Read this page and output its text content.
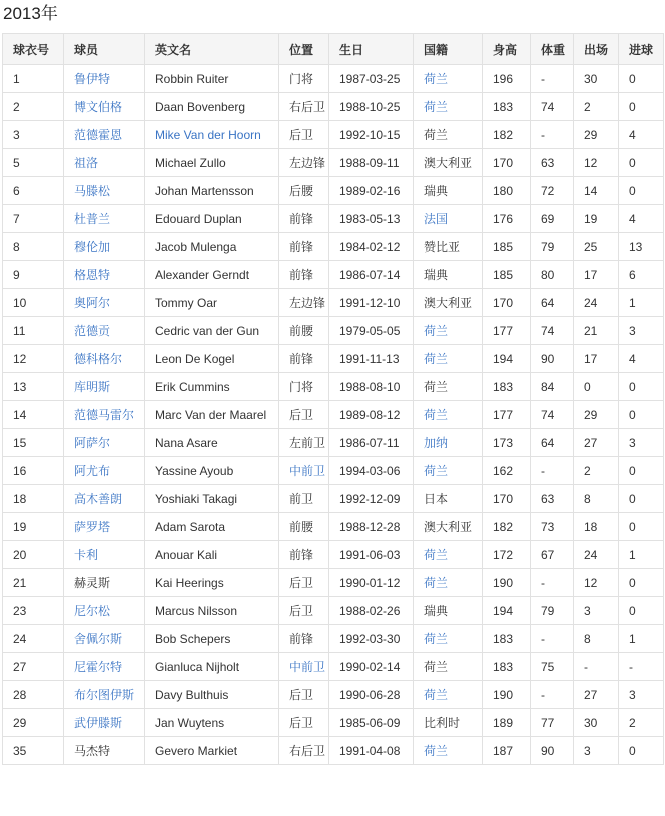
2013年
球衣号	球员	英文名	位置	生日	国籍	身高	体重	出场	进球
1	鲁伊特	Robbin Ruiter	门将	1987-03-25	荷兰	196	-	30	0
2	博文伯格	Daan Bovenberg	右后卫	1988-10-25	荷兰	183	74	2	0
3	范德霍恩	Mike Van der Hoorn	后卫	1992-10-15	荷兰	182	-	29	4
5	祖洛	Michael Zullo	左边锋	1988-09-11	澳大利亚	170	63	12	0
6	马滕松	Johan Martensson	后腰	1989-02-16	瑞典	180	72	14	0
7	杜普兰	Edouard Duplan	前锋	1983-05-13	法国	176	69	19	4
8	穆伦加	Jacob Mulenga	前锋	1984-02-12	赞比亚	185	79	25	13
9	格恩特	Alexander Gerndt	前锋	1986-07-14	瑞典	185	80	17	6
10	奥阿尔	Tommy Oar	左边锋	1991-12-10	澳大利亚	170	64	24	1
11	范德贡	Cedric van der Gun	前腰	1979-05-05	荷兰	177	74	21	3
12	德科格尔	Leon De Kogel	前锋	1991-11-13	荷兰	194	90	17	4
13	库明斯	Erik Cummins	门将	1988-08-10	荷兰	183	84	0	0
14	范德马雷尔	Marc Van der Maarel	后卫	1989-08-12	荷兰	177	74	29	0
15	阿萨尔	Nana Asare	左前卫	1986-07-11	加纳	173	64	27	3
16	阿尤布	Yassine Ayoub	中前卫	1994-03-06	荷兰	162	-	2	0
18	高木善朗	Yoshiaki Takagi	前卫	1992-12-09	日本	170	63	8	0
19	萨罗塔	Adam Sarota	前腰	1988-12-28	澳大利亚	182	73	18	0
20	卡利	Anouar Kali	前锋	1991-06-03	荷兰	172	67	24	1
21	赫灵斯	Kai Heerings	后卫	1990-01-12	荷兰	190	-	12	0
23	尼尔松	Marcus Nilsson	后卫	1988-02-26	瑞典	194	79	3	0
24	舍佩尔斯	Bob Schepers	前锋	1992-03-30	荷兰	183	-	8	1
27	尼霍尔特	Gianluca Nijholt	中前卫	1990-02-14	荷兰	183	75	-	-
28	布尔图伊斯	Davy Bulthuis	后卫	1990-06-28	荷兰	190	-	27	3
29	武伊滕斯	Jan Wuytens	后卫	1985-06-09	比利时	189	77	30	2
35	马杰特	Gevero Markiet	右后卫	1991-04-08	荷兰	187	90	3	0
